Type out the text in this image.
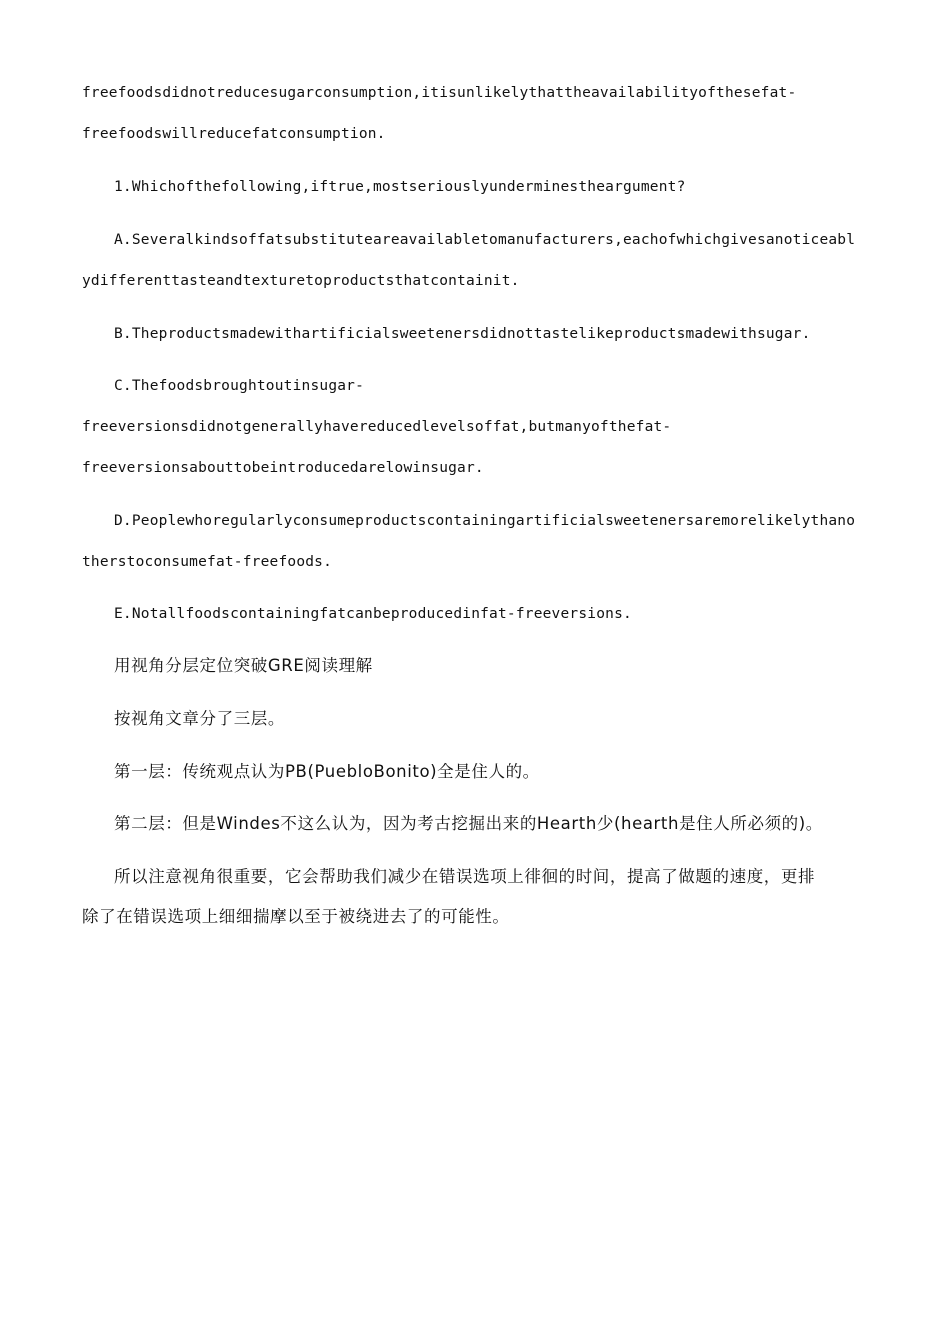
freefoodsdidnotreducesugarconsumption,itisunlikelythattheavailabilityofthesefat-
freefoodswillreducefatconsumption.
1.Whichofthefollowing,iftrue,mostseriouslyunderminestheargument?
A.Severalkindsoffatsubstituteareavailabletomanufacturers,eachofwhichgivesanoticeabl
ydifferenttasteandtexturetoproductsthatcontainit.
B.Theproductsmadewithartificialsweetenersdidnottastelikeproductsmadewithsugar.
C.Thefoodsbroughtoutinsugar-
freeversionsdidnotgenerallyhavereducedlevelsoffat,butmanyofthefat-
freeversionsabouttobeintroducedarelowinsugar.
D.Peoplewhoregularlyconsumeproductscontainingartificialsweetenersaremorelikelythano
therstoconsumefat-freefoods.
E.Notallfoodscontainingfatcanbeproducedinfat-freeversions.
用视角分层定位突破GRE阅读理解
按视角文章分了三层。
第一层：传统观点认为PB(PuebloBonito)全是住人的。
第二层：但是Windes不这么认为，因为考古挖掘出来的Hearth少(hearth是住人所必须的)。
所以注意视角很重要，它会帮助我们减少在错误选项上徘徊的时间，提高了做题的速度，更排
除了在错误选项上细细揣摩以至于被绕进去了的可能性。
